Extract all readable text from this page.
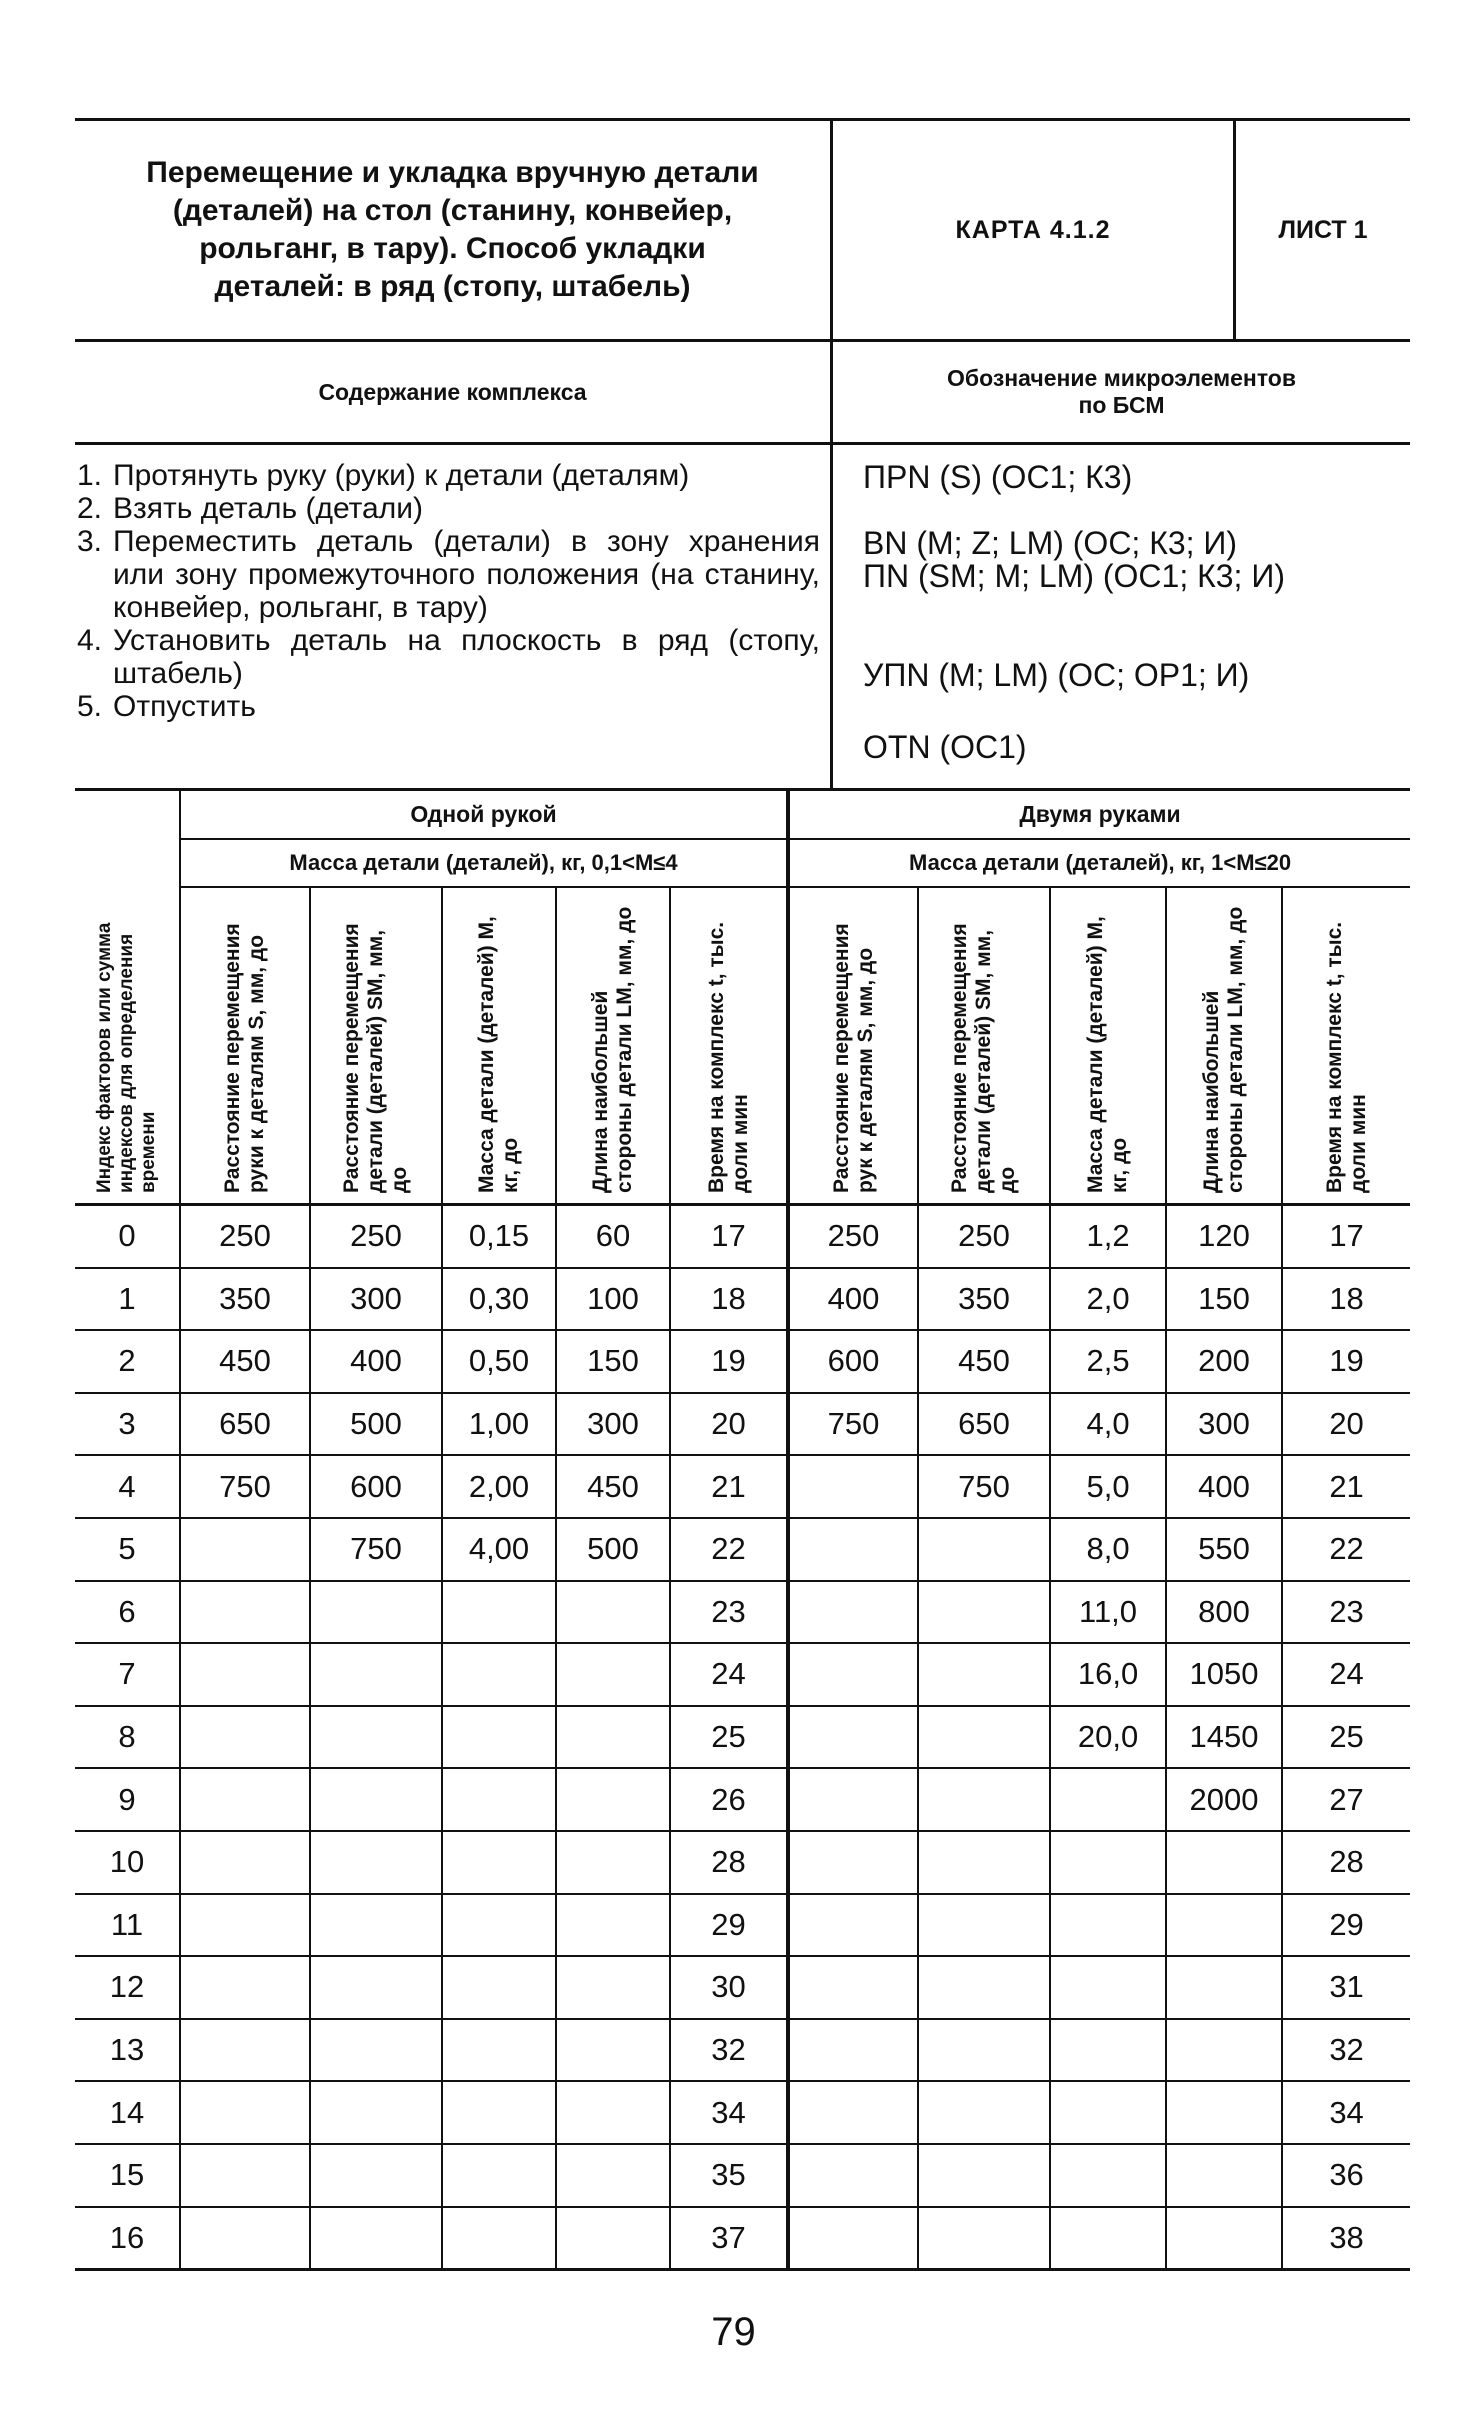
Перемещение и укладка вручную детали
(деталей) на стол (станину, конвейер,
рольганг, в тару). Способ укладки
деталей: в ряд (стопу, штабель)
КАРТА 4.1.2	ЛИСТ 1
Содержание комплекса
Обозначение микроэлементов
по БСМ
1. Протянуть руку (руки) к детали (деталям)
2. Взять деталь (детали)
3. Переместить деталь (детали) в зону хранения или зону промежуточного положения (на станину, конвейер, рольганг, в тару)
4. Установить деталь на плоскость в ряд (стопу, штабель)
5. Отпустить
ПРN (S) (ОС1; К3)
BN (M; Z; LM) (OC; К3; И)
ПN (SM; M; LM) (OC1; К3; И)
УПN (M; LM) (OC; OP1; И)
OTN (OC1)
Индекс факторов или сумма индексов для определения времени	Одной рукой					Двумя руками				
	Масса детали (деталей), кг, 0,1<M≤4					Масса детали (деталей), кг, 1<M≤20				

	Расстояние перемещения руки к деталям S, мм, до	Расстояние перемещения детали (деталей) SM, мм, до	Масса детали (деталей) M, кг, до	Длина наибольшей стороны детали LM, мм, до	Время на комплекс t, тыс. доли мин	Расстояние перемещения рук к деталям S, мм, до	Расстояние перемещения детали (деталей) SM, мм, до	Масса детали (деталей) M, кг, до	Длина наибольшей стороны детали LM, мм, до	Время на комплекс t, тыс. доли мин

0	250	250	0,15	60	17	250	250	1,2	120	17
1	350	300	0,30	100	18	400	350	2,0	150	18
2	450	400	0,50	150	19	600	450	2,5	200	19
3	650	500	1,00	300	20	750	650	4,0	300	20
4	750	600	2,00	450	21		750	5,0	400	21
5		750	4,00	500	22			8,0	550	22
6					23			11,0	800	23
7					24			16,0	1050	24
8					25			20,0	1450	25
9					26				2000	27
10					28					28
11					29					29
12					30					31
13					32					32
14					34					34
15					35					36
16					37					38
79
